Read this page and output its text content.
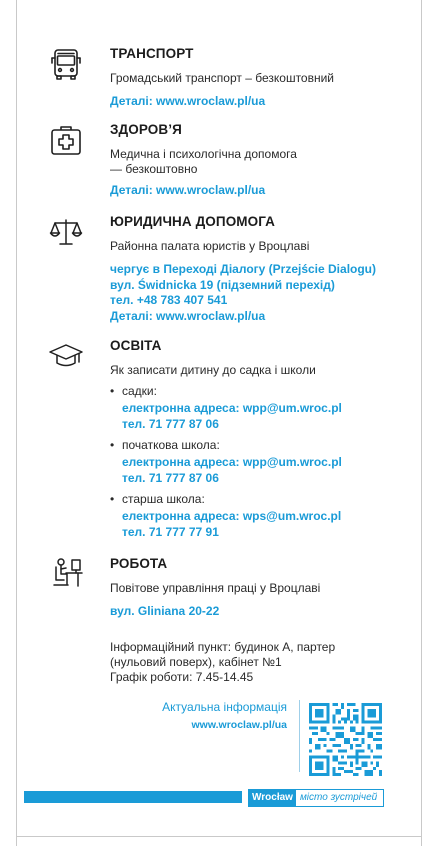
ТРАНСПОРТ
Громадський транспорт – безкоштовний
Деталі: www.wroclaw.pl/ua
ЗДОРОВ’Я
Медична і психологічна допомога
— безкоштовно
Деталі: www.wroclaw.pl/ua
ЮРИДИЧНА ДОПОМОГА
Районна палата юристів у Вроцлаві
чергує в Переході Діалогу (Przejście Dialogu)
вул. Świdnicka 19 (підземний перехід)
тел. +48 783 407 541
Деталі: www.wroclaw.pl/ua
ОСВІТА
Як записати дитину до садка і школи
• садки:
електронна адреса: wpp@um.wroc.pl
тел. 71 777 87 06
• початкова школа:
електронна адреса: wpp@um.wroc.pl
тел. 71 777 87 06
• старша школа:
електронна адреса: wps@um.wroc.pl
тел. 71 777 77 91
РОБОТА
Повітове управління праці у Вроцлаві
вул. Gliniana 20-22
Інформаційний пункт: будинок А, партер
(нульовий поверх), кабінет №1
Графік роботи: 7.45-14.45
Актуальна інформація
www.wroclaw.pl/ua
Wrocław місто зустрічей
